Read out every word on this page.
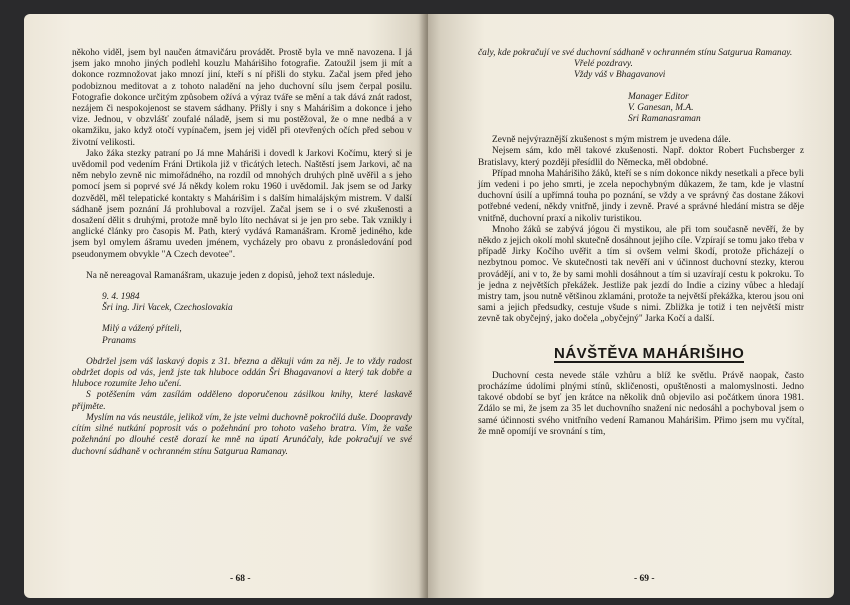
někoho viděl, jsem byl naučen átmavičáru provádět. Prostě byla ve mně navozena. I já jsem jako mnoho jiných podlehl kouzlu Mahárišiho fotografie. Zatoužil jsem ji mít a dokonce rozmnožovat jako mnozí jiní, kteří s ní přišli do styku. Začal jsem před jeho podobiznou meditovat a z tohoto naladění na jeho duchovní sílu jsem čerpal posilu. Fotografie dokonce určitým způsobem ožívá a výraz tváře se mění a tak dává znát radost, nezájem či nespokojenost se stavem sádhany. Přišly i sny s Mahárišim a dokonce i jeho vize. Jednou, v obzvlášť zoufalé náladě, jsem si mu postěžoval, že o mne nedbá a v okamžiku, jako když otočí vypínačem, jsem jej viděl při otevřených očích před sebou v životní velikosti.

Jako žáka stezky patraní po Já mne Maháriši i dovedl k Jarkovi Kočímu, který si je uvědomil pod vedením Fráni Drtikola již v třicátých letech. Naštěstí jsem Jarkovi, ač na něm nebylo zevně nic mimořádného, na rozdíl od mnohých druhých plně uvěřil a s jeho pomocí jsem si poprvé své Já někdy kolem roku 1960 i uvědomil. Jak jsem se od Jarky dozvěděl, měl telepatické kontakty s Mahárišim i s dalším himalájským mistrem. V další sádhaně jsem poznání Já prohluboval a rozvíjel. Začal jsem se i o své zkušenosti a dosažení dělit s druhými, protože mně bylo líto nechávat si je jen pro sebe. Tak vznikly i anglické články pro časopis M. Path, který vydává Ramanášram. Kromě jediného, kde jsem byl omylem ášramu uveden jménem, vycházely pro obavu z pronásledování pod pseudonymem obvykle "A Czech devotee".

Na ně nereagoval Ramanášram, ukazuje jeden z dopisů, jehož text následuje.

9. 4. 1984

Šri ing. Jiri Vacek, Czechoslovakia

Milý a vážený příteli,

Pranams

Obdržel jsem váš laskavý dopis z 31. března a děkuji vám za něj. Je to vždy radost obdržet dopis od vás, jenž jste tak hluboce oddán Šri Bhagavanovi a který tak dobře a hluboce rozumíte Jeho učení.

S potěšením vám zasílám odděleno doporučenou zásilkou knihy, které laskavě přijměte.

Myslím na vás neustále, jelikož vím, že jste velmi duchovně pokročilá duše. Doopravdy cítím silné nutkání poprosit vás o požehnání pro tohoto vašeho bratra. Vím, že vaše požehnání po dlouhé cestě dorazí ke mně na úpatí Arunáčaly, kde pokračují ve své duchovní sádhaně v ochranném stínu Satguruа Ramanaу.

- 68 -

čaly, kde pokračují ve své duchovní sádhaně v ochranném stínu Satguruа Ramanaу.

Vřelé pozdravy.

Vždy váš v Bhagavanovi

Manager Editor

V. Ganesan, M.A.

Sri Ramanasraman

Zevně nejvýraznější zkušenost s mým mistrem je uvedena dále.

Nejsem sám, kdo měl takové zkušenosti. Např. doktor Robert Fuchsberger z Bratislavy, který později přesídlil do Německa, měl obdobné.

Případ mnoha Mahárišiho žáků, kteří se s ním dokonce nikdy nesetkali a přece byli jím vedeni i po jeho smrti, je zcela nepochybným důkazem, že tam, kde je vlastní duchovní úsilí a upřímná touha po poznání, se vždy a ve správný čas dostane žákovi potřebné vedení, někdy vnitřně, jindy i zevně. Pravé a správné hledání mistra se děje vnitřně, duchovní praxí a nikoliv turistikou.

Mnoho žáků se zabývá jógou či mystikou, ale při tom současně nevěří, že by někdo z jejich okolí mohl skutečně dosáhnout jejího cíle. Vzpírají se tomu jako třeba v případě Jirky Kočího uvěřit a tím si ovšem velmi škodí, protože přicházejí o nezbytnou pomoc. Ve skutečnosti tak nevěří ani v účinnost duchovní stezky, kterou provádějí, ani v to, že by sami mohli dosáhnout a tím si uzavírají cestu k pokroku. To je jedna z největších překážek. Jestliže pak jezdí do Indie a ciziny vůbec a hledají mistry tam, jsou nutně většinou zklamáni, protože ta největší překážka, kterou jsou oni sami a jejich předsudky, cestuje všude s nimi. Zbližka je totiž i ten největší mistr zevně tak obyčejný, jako dočela „obyčejný" Jarka Kočí a další.

NÁVŠTĚVA MAHÁRIŠIHO

Duchovní cesta nevede stále vzhůru a blíž ke světlu. Právě naopak, často procházíme údolími plnými stínů, skličenosti, opuštěnosti a malomyslnosti. Jedno takové období se byť jen krátce na několik dnů objevilo asi počátkem února 1981. Zdálo se mi, že jsem za 35 let duchovního snažení nic nedosáhl a pochyboval jsem o samé účinnosti svého vnitřního vedení Ramanou Mahárišim. Přimo jsem mu vyčítal, že mně opomíjí ve srovnání s tím,

- 69 -
